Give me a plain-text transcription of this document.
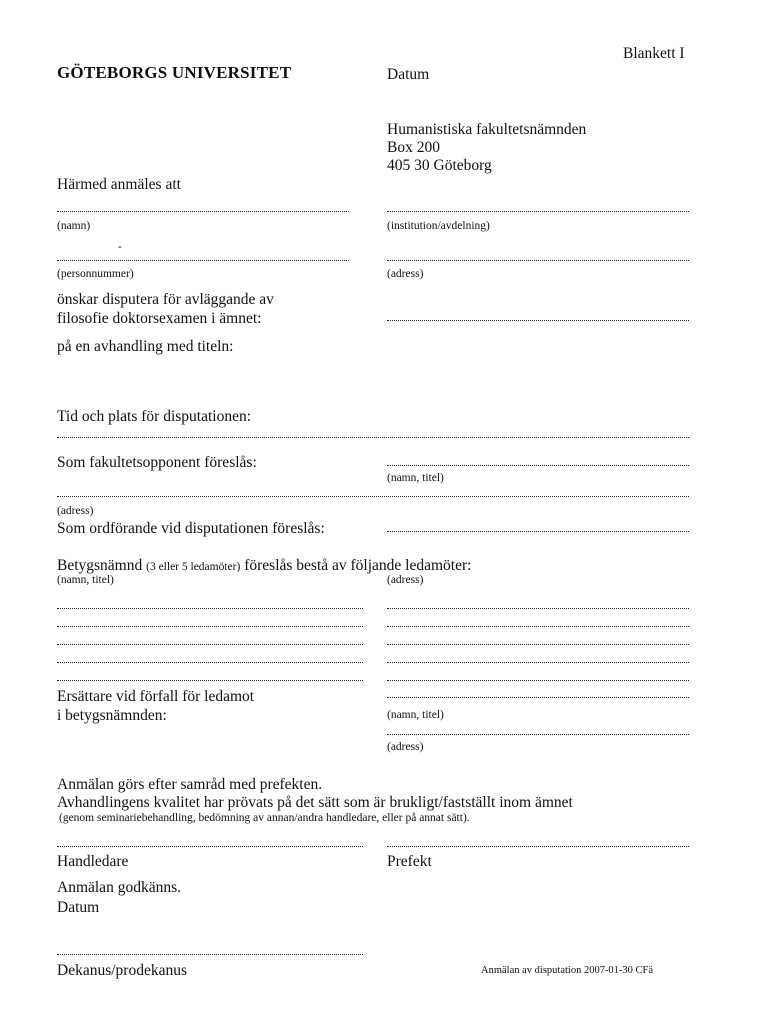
Blankett I
GÖTEBORGS UNIVERSITET	Datum
Humanistiska fakultetsnämnden
Box 200
405 30 Göteborg
Härmed anmäles att
(namn)	(institution/avdelning)
-
(personnummer)	(adress)
önskar disputera för avläggande av
filosofie doktorsexamen i ämnet:
på en avhandling med titeln:
Tid och plats för disputationen:
Som fakultetsopponent föreslås:
(namn, titel)
(adress)
Som ordförande vid disputationen föreslås:
Betygsnämnd (3 eller 5 ledamöter) föreslås bestå av följande ledamöter:
(namn, titel)	(adress)
Ersättare vid förfall för ledamot
i betygsnämnden:	(namn, titel)
(adress)
Anmälan görs efter samråd med prefekten.
Avhandlingens kvalitet har prövats på det sätt som är brukligt/fastställt inom ämnet
(genom seminariebehandling, bedömning av annan/andra handledare, eller på annat sätt).
Handledare	Prefekt
Anmälan godkänns.
Datum
Dekanus/prodekanus	Anmälan av disputation 2007-01-30 CFä
